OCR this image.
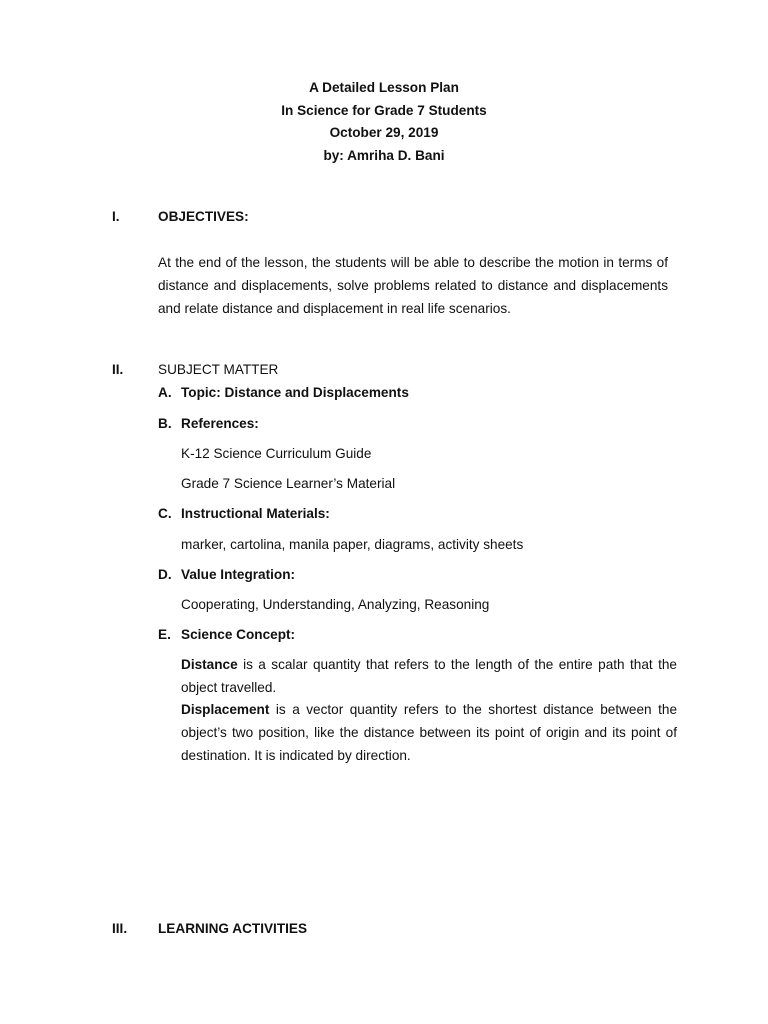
A Detailed Lesson Plan
In Science for Grade 7 Students
October 29, 2019
by: Amriha D. Bani
I.	OBJECTIVES:

At the end of the lesson, the students will be able to describe the motion in terms of distance and displacements, solve problems related to distance and displacements and relate distance and displacement in real life scenarios.

II.	SUBJECT MATTER
A. Topic: Distance and Displacements
B. References:
K-12 Science Curriculum Guide
Grade 7 Science Learner’s Material
C. Instructional Materials:
marker, cartolina, manila paper, diagrams, activity sheets
D. Value Integration:
Cooperating, Understanding, Analyzing, Reasoning
E. Science Concept:

Distance is a scalar quantity that refers to the length of the entire path that the object travelled.

Displacement is a vector quantity refers to the shortest distance between the object’s two position, like the distance between its point of origin and its point of destination. It is indicated by direction.

III. LEARNING ACTIVITIES
